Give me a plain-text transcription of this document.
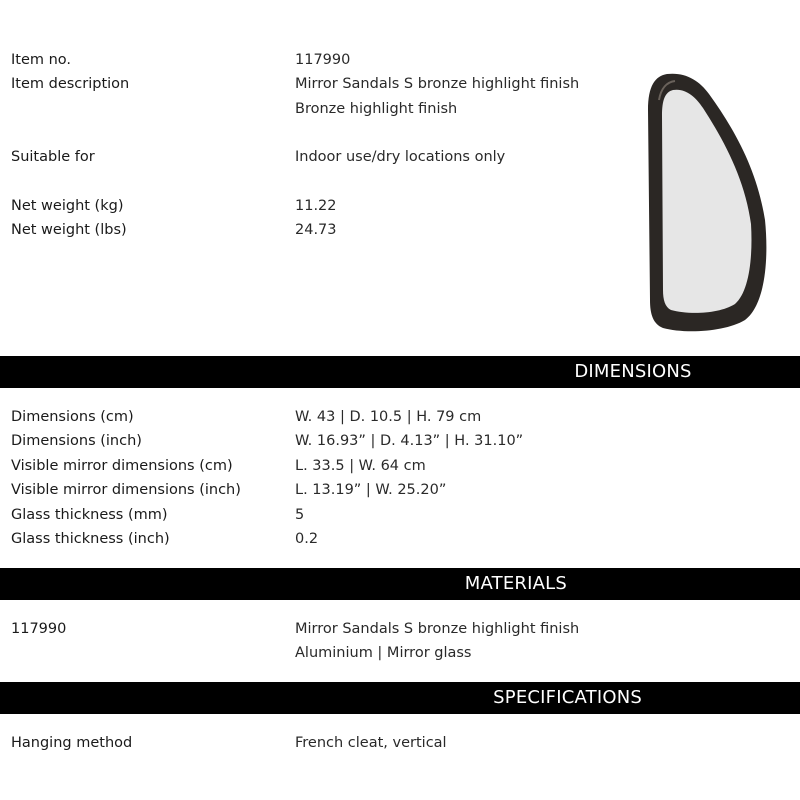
Item no.	117990
Item description	Mirror Sandals S bronze highlight finish
Bronze highlight finish
Suitable for	Indoor use/dry locations only
Net weight (kg)	11.22
Net weight (lbs)	24.73
DIMENSIONS
Dimensions (cm)	W. 43 | D. 10.5 | H. 79 cm
Dimensions (inch)	W. 16.93” | D. 4.13” | H. 31.10”
Visible mirror dimensions (cm)	L. 33.5 | W. 64 cm
Visible mirror dimensions (inch)	L. 13.19” | W. 25.20”
Glass thickness (mm)	5
Glass thickness (inch)	0.2
MATERIALS
117990	Mirror Sandals S bronze highlight finish
Aluminium | Mirror glass
SPECIFICATIONS
Hanging method	French cleat, vertical
